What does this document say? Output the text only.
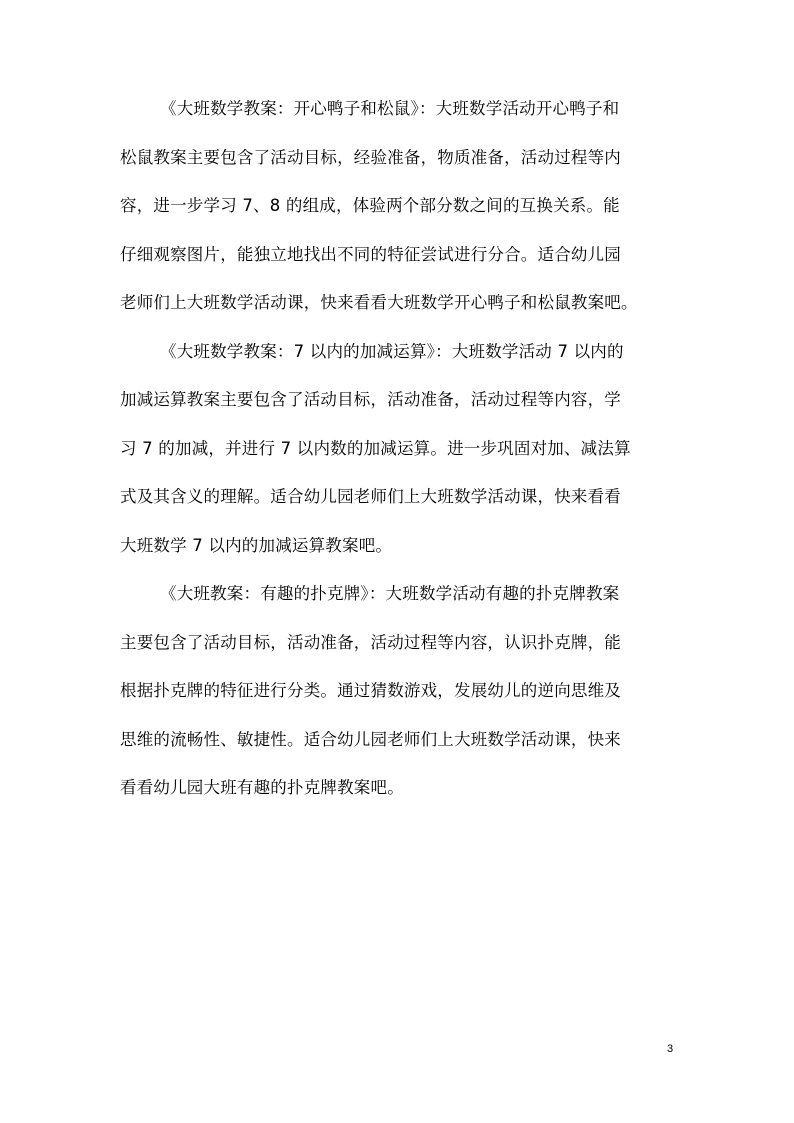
《大班数学教案：开心鸭子和松鼠》：大班数学活动开心鸭子和
松鼠教案主要包含了活动目标，经验准备，物质准备，活动过程等内
容，进一步学习 7、8 的组成，体验两个部分数之间的互换关系。能
仔细观察图片，能独立地找出不同的特征尝试进行分合。适合幼儿园
老师们上大班数学活动课，快来看看大班数学开心鸭子和松鼠教案吧。
《大班数学教案：7 以内的加减运算》：大班数学活动 7 以内的
加减运算教案主要包含了活动目标，活动准备，活动过程等内容，学
习 7 的加减，并进行 7 以内数的加减运算。进一步巩固对加、减法算
式及其含义的理解。适合幼儿园老师们上大班数学活动课，快来看看
大班数学 7 以内的加减运算教案吧。
《大班教案：有趣的扑克牌》：大班数学活动有趣的扑克牌教案
主要包含了活动目标，活动准备，活动过程等内容，认识扑克牌，能
根据扑克牌的特征进行分类。通过猜数游戏，发展幼儿的逆向思维及
思维的流畅性、敏捷性。适合幼儿园老师们上大班数学活动课，快来
看看幼儿园大班有趣的扑克牌教案吧。
3
